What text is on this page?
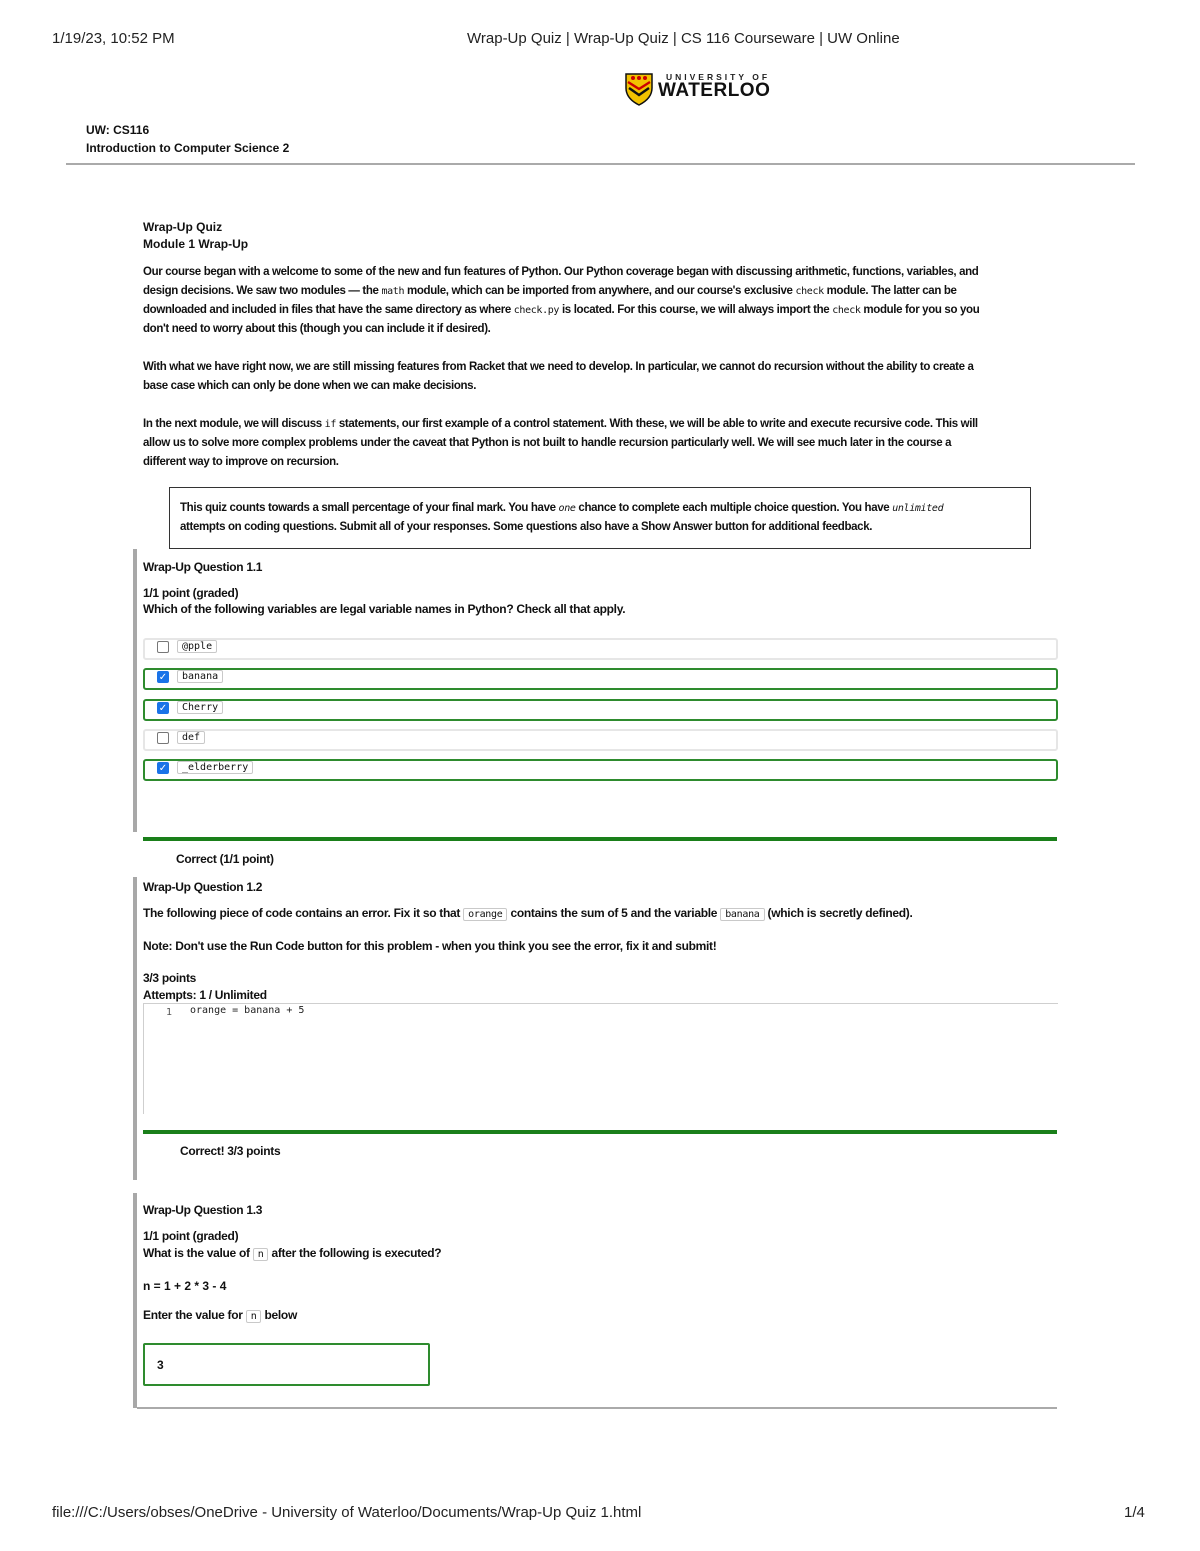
1/19/23, 10:52 PM	Wrap-Up Quiz | Wrap-Up Quiz | CS 116 Courseware | UW Online
UNIVERSITY OF
WATERLOO
UW: CS116
Introduction to Computer Science 2
Wrap-Up Quiz
Module 1 Wrap-Up
Our course began with a welcome to some of the new and fun features of Python. Our Python coverage began with discussing arithmetic, functions, variables, and
design decisions. We saw two modules — the math module, which can be imported from anywhere, and our course's exclusive check module. The latter can be
downloaded and included in files that have the same directory as where check.py is located. For this course, we will always import the check module for you so you
don't need to worry about this (though you can include it if desired).
With what we have right now, we are still missing features from Racket that we need to develop. In particular, we cannot do recursion without the ability to create a
base case which can only be done when we can make decisions.
In the next module, we will discuss if statements, our first example of a control statement. With these, we will be able to write and execute recursive code. This will
allow us to solve more complex problems under the caveat that Python is not built to handle recursion particularly well. We will see much later in the course a
different way to improve on recursion.
This quiz counts towards a small percentage of your final mark. You have one chance to complete each multiple choice question. You have unlimited
attempts on coding questions. Submit all of your responses. Some questions also have a Show Answer button for additional feedback.
Wrap-Up Question 1.1
1/1 point (graded)
Which of the following variables are legal variable names in Python? Check all that apply.
@pple
✓	banana
✓	Cherry
def
✓	_elderberry
Correct (1/1 point)
Wrap-Up Question 1.2
The following piece of code contains an error. Fix it so that orange contains the sum of 5 and the variable banana (which is secretly defined).
Note: Don't use the Run Code button for this problem - when you think you see the error, fix it and submit!
3/3 points
Attempts: 1 / Unlimited
1 orange = banana + 5
Correct! 3/3 points
Wrap-Up Question 1.3
1/1 point (graded)
What is the value of n after the following is executed?
n = 1 + 2 * 3 - 4
Enter the value for n below
3
file:///C:/Users/obses/OneDrive - University of Waterloo/Documents/Wrap-Up Quiz 1.html	1/4
